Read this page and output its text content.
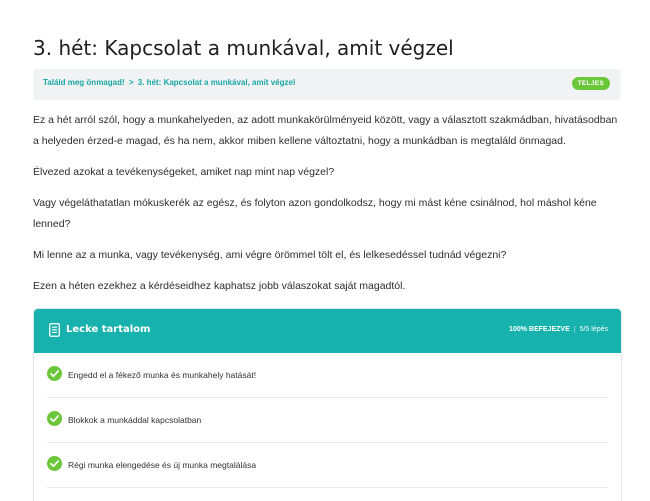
3. hét: Kapcsolat a munkával, amit végzel
Találd meg önmagad! > 3. hét: Kapcsolat a munkával, amit végzel	TELJES

Ez a hét arról szól, hogy a munkahelyeden, az adott munkakörülményeid között, vagy a választott szakmádban, hivatásodban a helyeden érzed-e magad, és ha nem, akkor miben kellene változtatni, hogy a munkádban is megtaláld önmagad.

Élvezed azokat a tevékenységeket, amiket nap mint nap végzel?

Vagy végeláthatatlan mókuskerék az egész, és folyton azon gondolkodsz, hogy mi mást kéne csinálnod, hol máshol kéne lenned?

Mi lenne az a munka, vagy tevékenység, ami végre örömmel tölt el, és lelkesedéssel tudnád végezni?

Ezen a héten ezekhez a kérdéseidhez kaphatsz jobb válaszokat saját magadtól.

Lecke tartalom	100% BEFEJEZVE | 5/5 lépés
Engedd el a fékező munka és munkahely hatását!
Blokkok a munkáddal kapcsolatban
Régi munka elengedése és új munka megtalálása
